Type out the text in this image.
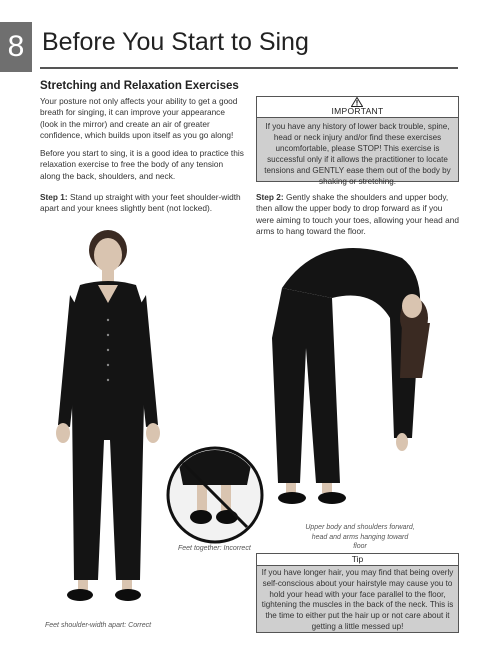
8 Before You Start to Sing
Stretching and Relaxation Exercises
Your posture not only affects your ability to get a good breath for singing, it can improve your appearance (look in the mirror) and create an air of greater confidence, which builds upon itself as you go along!
Before you start to sing, it is a good idea to practice this relaxation exercise to free the body of any tension along the back, shoulders, and neck.
IMPORTANT
If you have any history of lower back trouble, spine, head or neck injury and/or find these exercises uncomfortable, please STOP! This exercise is successful only if it allows the practitioner to locate tensions and GENTLY ease them out of the body by shaking or stretching.
Step 1: Stand up straight with your feet shoulder-width apart and your knees slightly bent (not locked).
Step 2: Gently shake the shoulders and upper body, then allow the upper body to drop forward as if you were aiming to touch your toes, allowing your head and arms to hang toward the floor.
Feet shoulder-width apart: Correct
Feet together: Incorrect
Upper body and shoulders forward, head and arms hanging toward floor
Tip
If you have longer hair, you may find that being overly self-conscious about your hairstyle may cause you to hold your head with your face parallel to the floor, tightening the muscles in the back of the neck. This is the time to either put the hair up or not care about it getting a little messed up!
